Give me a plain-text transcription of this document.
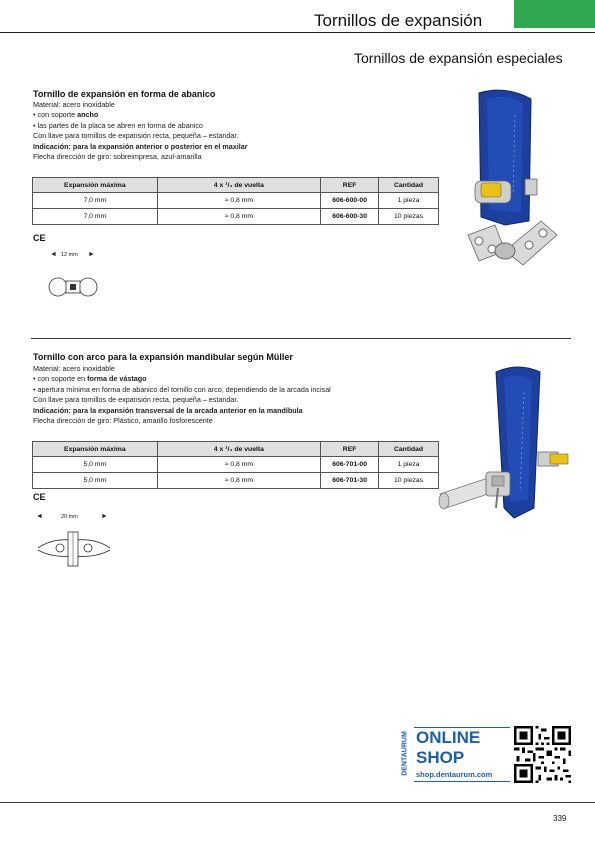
Tornillos de expansión
Tornillos de expansión especiales
Tornillo de expansión en forma de abanico
Material: acero inoxidable
• con soporte ancho
• las partes de la placa se abren en forma de abanico
Con llave para tornillos de expansión recta, pequeña – estandar.
Indicación: para la expansión anterior o posterior en el maxilar
Flecha dirección de giro: sobreimpresa, azul-amarilla
Expansión máxima	4 x ¹/₄ de vuelta	REF	Cantidad
7,0 mm	≈ 0,8 mm	606-600-00	1 pieza
7,0 mm	≈ 0,8 mm	606-600-30	10 piezas
CE
◄ 12 mm ►
Tornillo con arco para la expansión mandibular según Müller
Material: acero inoxidable
• con soporte en forma de vástago
• apertura mínima en forma de abanico del tornillo con arco, dependiendo de la arcada incisal
Con llave para tornillos de expansión recta, pequeña – estandar.
Indicación: para la expansión transversal de la arcada anterior en la mandíbula
Flecha dirección de giro: Plástico, amarillo fosforescente
Expansión máxima	4 x ¹/₄ de vuelta	REF	Cantidad
5,0 mm	≈ 0,8 mm	606-701-00	1 pieza
5,0 mm	≈ 0,8 mm	606-701-30	10 piezas
CE
◄	20 mm	►
DENTAURUM ONLINE
SHOP
shop.dentaurum.com
339
